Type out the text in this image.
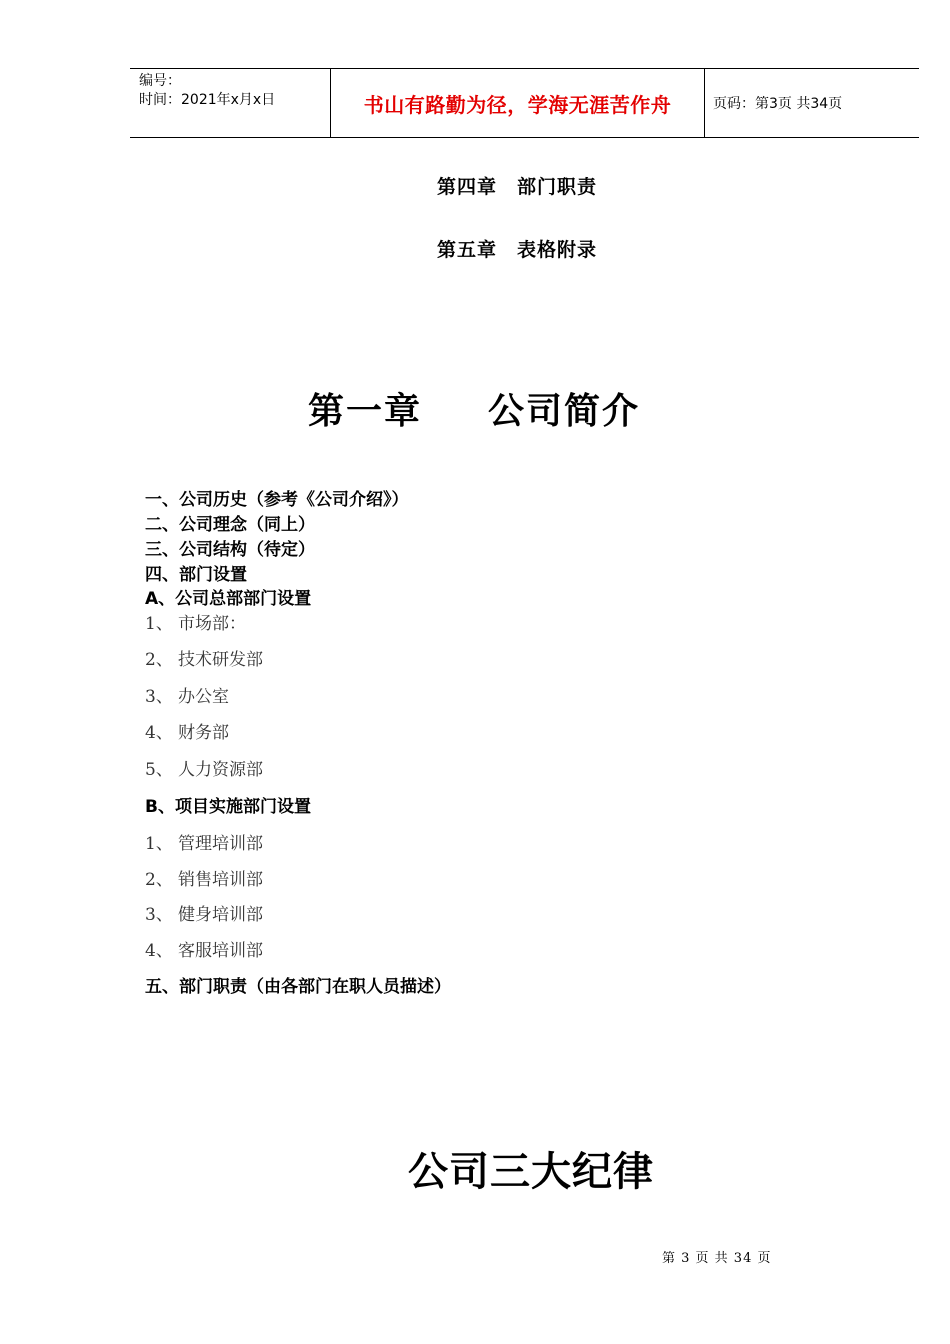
编号：
时间：2021年x月x日	书山有路勤为径，学海无涯苦作舟	页码：第3页 共34页
第四章 部门职责
第五章 表格附录
第一章 公司简介
一、公司历史（参考《公司介绍》）
二、公司理念（同上）
三、公司结构（待定）
四、部门设置
A、公司总部部门设置
1、 市场部：
2、 技术研发部
3、 办公室
4、 财务部
5、 人力资源部
B、项目实施部门设置
1、 管理培训部
2、 销售培训部
3、 健身培训部
4、 客服培训部
五、部门职责（由各部门在职人员描述）
公司三大纪律
第 3 页 共 34 页
